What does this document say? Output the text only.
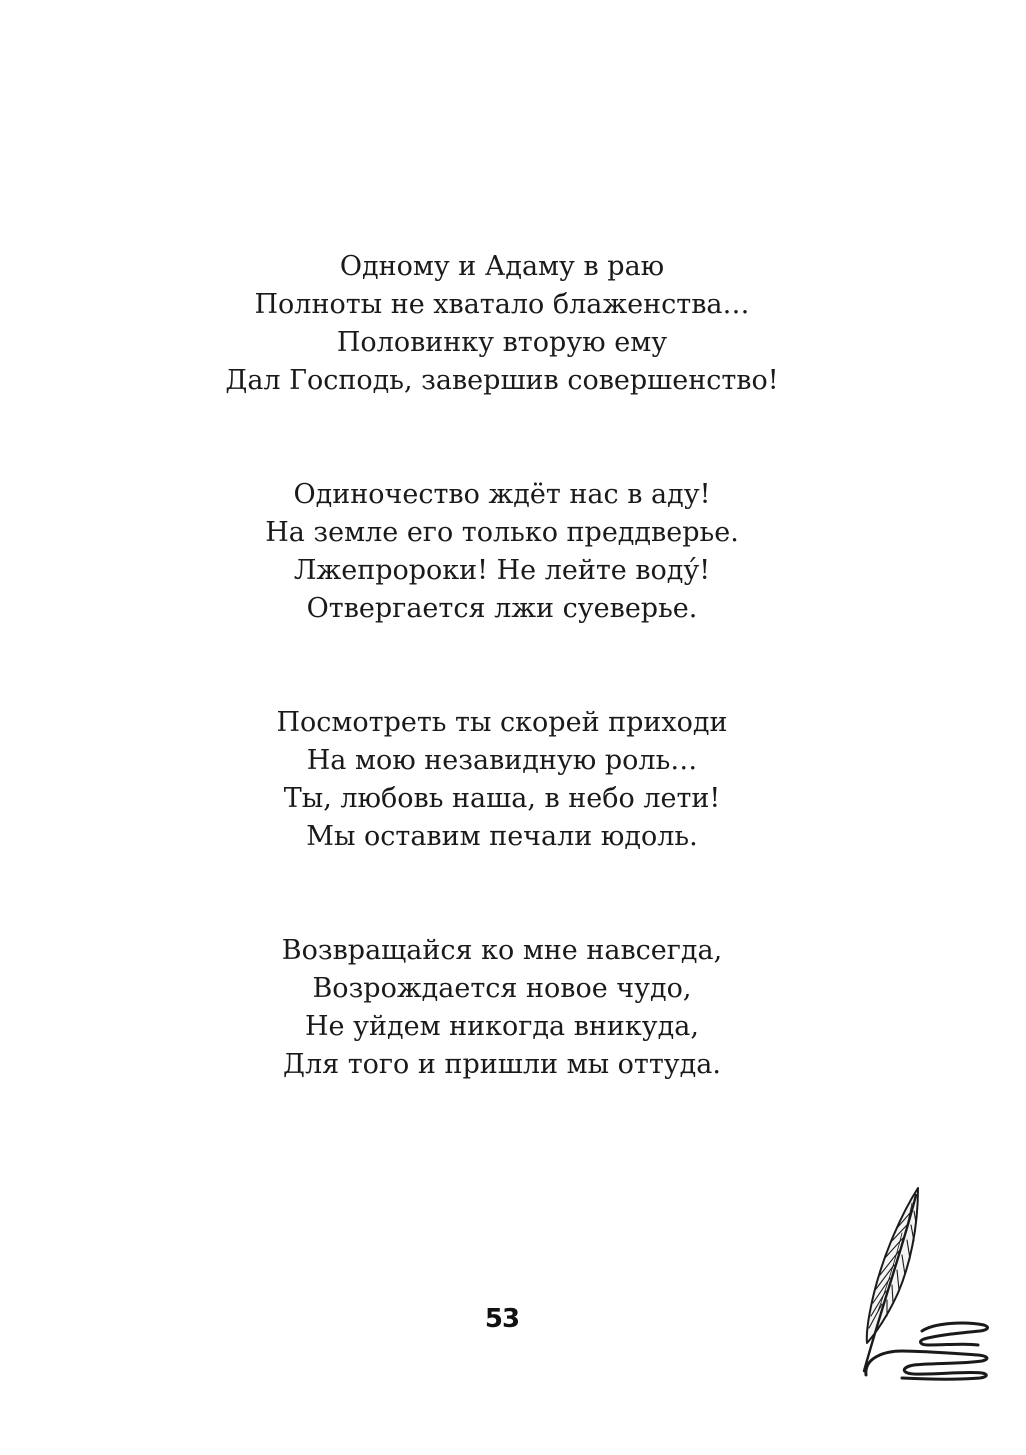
Одному и Адаму в раю
Полноты не хватало блаженства…
Половинку вторую ему
Дал Господь, завершив совершенство!
Одиночество ждёт нас в аду!
На земле его только преддверье.
Лжепророки! Не лейте воду́!
Отвергается лжи суеверье.
Посмотреть ты скорей приходи
На мою незавидную роль…
Ты, любовь наша, в небо лети!
Мы оставим печали юдоль.
Возвращайся ко мне навсегда,
Возрождается новое чудо,
Не уйдем никогда вникуда,
Для того и пришли мы оттуда.
53
